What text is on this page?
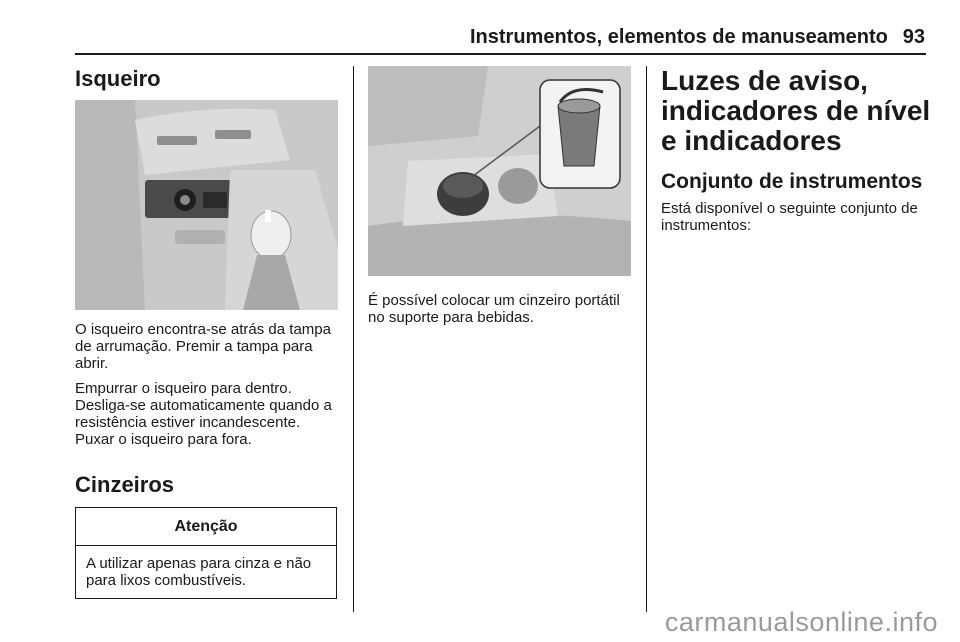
Instrumentos, elementos de manuseamento 93
Isqueiro

O isqueiro encontra-se atrás da tampa de arrumação. Premir a tampa para abrir.

Empurrar o isqueiro para dentro. Desliga-se automaticamente quando a resistência estiver incandescente. Puxar o isqueiro para fora.

Cinzeiros
Atenção
A utilizar apenas para cinza e não para lixos combustíveis.

É possível colocar um cinzeiro portátil no suporte para bebidas.

Luzes de aviso, indicadores de nível e indicadores
Conjunto de instrumentos

Está disponível o seguinte conjunto de instrumentos:

carmanualsonline.info
